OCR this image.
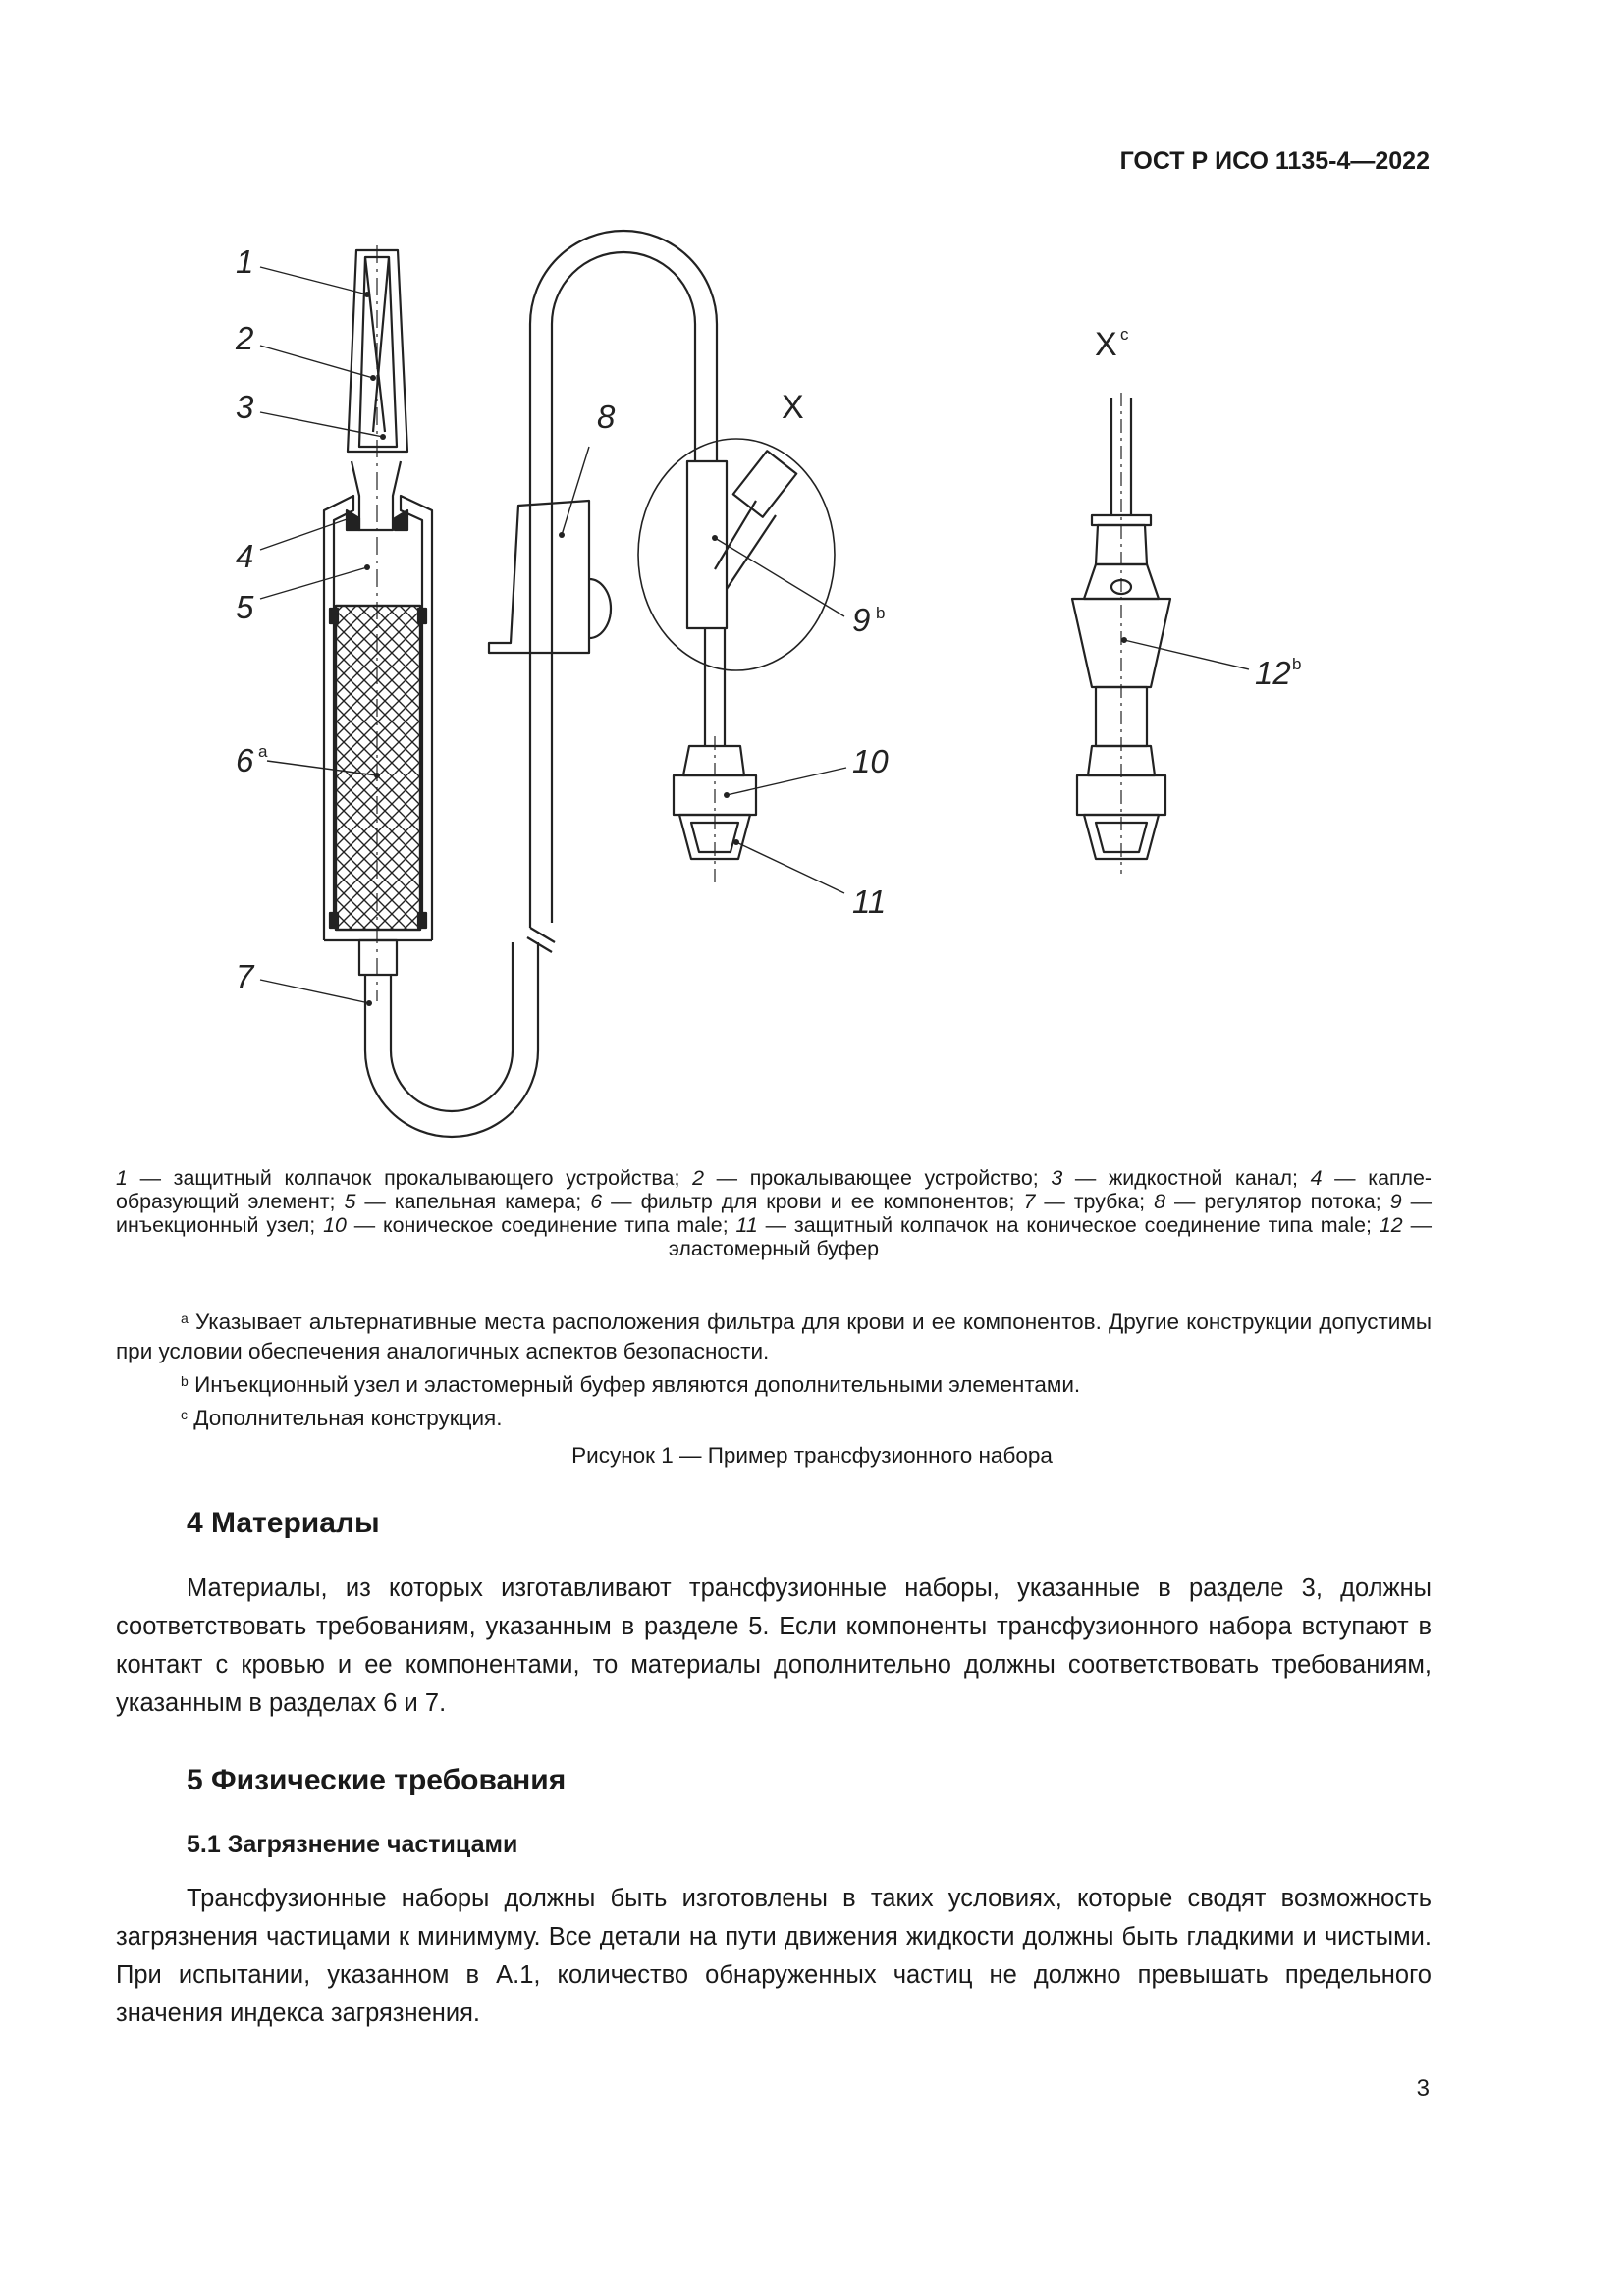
ГОСТ Р ИСО 1135-4—2022
1
2
3
4
5
6 a
7
8	X
9 b
10
11
X c
12 b
1 — защитный колпачок прокалывающего устройства; 2 — прокалывающее устройство; 3 — жидкостной канал; 4 — капле-образующий элемент; 5 — капельная камера; 6 — фильтр для крови и ее компонентов; 7 — трубка; 8 — регулятор потока; 9 — инъекционный узел; 10 — коническое соединение типа male; 11 — защитный колпачок на коническое соединение типа male; 12 — эластомерный буфер

$^a$ Указывает альтернативные места расположения фильтра для крови и ее компонентов. Другие конструкции допустимы при условии обеспечения аналогичных аспектов безопасности.

$^b$ Инъекционный узел и эластомерный буфер являются дополнительными элементами.

$^c$ Дополнительная конструкция.

Рисунок 1 — Пример трансфузионного набора
4 Материалы

Материалы, из которых изготавливают трансфузионные наборы, указанные в разделе 3, должны соответствовать требованиям, указанным в разделе 5. Если компоненты трансфузионного набора вступают в контакт с кровью и ее компонентами, то материалы дополнительно должны соответствовать требованиям, указанным в разделах 6 и 7.

5 Физические требования
5.1 Загрязнение частицами

Трансфузионные наборы должны быть изготовлены в таких условиях, которые сводят возможность загрязнения частицами к минимуму. Все детали на пути движения жидкости должны быть гладкими и чистыми. При испытании, указанном в А.1, количество обнаруженных частиц не должно превышать предельного значения индекса загрязнения.

3
